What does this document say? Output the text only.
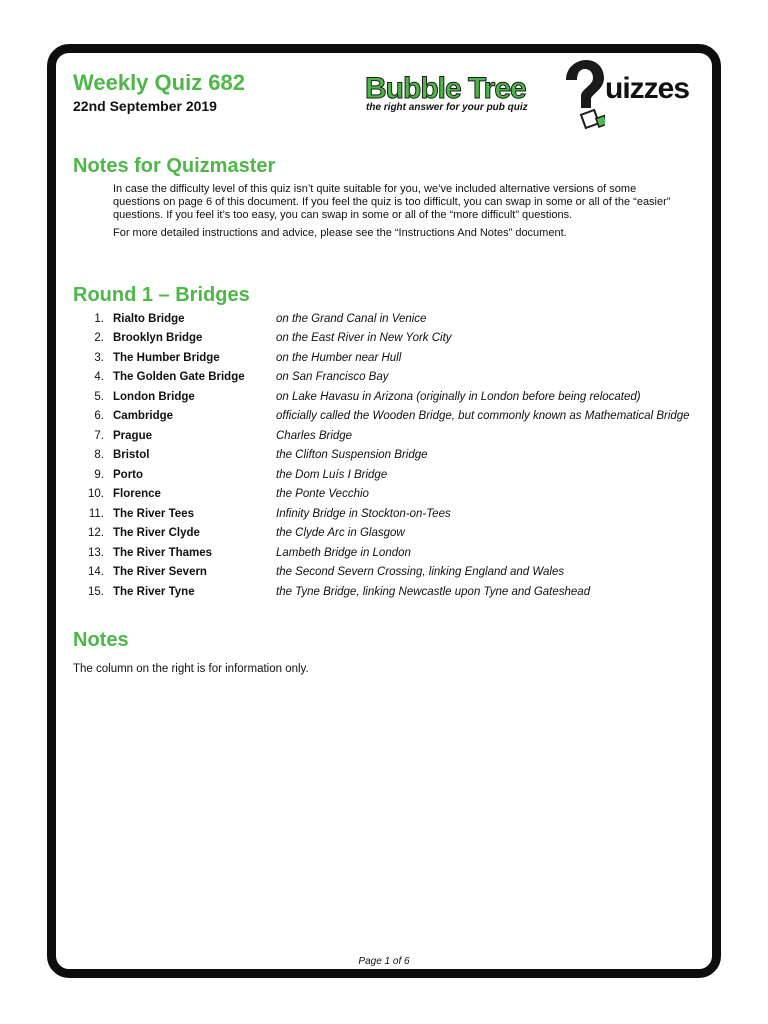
Weekly Quiz 682
22nd September 2019
Bubble Tree
the right answer for your pub quiz
uizzes
Notes for Quizmaster

In case the difficulty level of this quiz isn’t quite suitable for you, we’ve included alternative versions of some questions on page 6 of this document. If you feel the quiz is too difficult, you can swap in some or all of the “easier” questions. If you feel it’s too easy, you can swap in some or all of the “more difficult” questions.

For more detailed instructions and advice, please see the “Instructions And Notes” document.

Round 1 – Bridges
1. Rialto Bridge	on the Grand Canal in Venice
2. Brooklyn Bridge	on the East River in New York City
3. The Humber Bridge	on the Humber near Hull
4. The Golden Gate Bridge	on San Francisco Bay
5. London Bridge	on Lake Havasu in Arizona (originally in London before being relocated)
6. Cambridge	officially called the Wooden Bridge, but commonly known as Mathematical Bridge
7. Prague	Charles Bridge
8. Bristol	the Clifton Suspension Bridge
9. Porto	the Dom Luís I Bridge
10. Florence	the Ponte Vecchio
11. The River Tees	Infinity Bridge in Stockton-on-Tees
12. The River Clyde	the Clyde Arc in Glasgow
13. The River Thames	Lambeth Bridge in London
14. The River Severn	the Second Severn Crossing, linking England and Wales
15. The River Tyne	the Tyne Bridge, linking Newcastle upon Tyne and Gateshead
Notes

The column on the right is for information only.

Page 1 of 6
